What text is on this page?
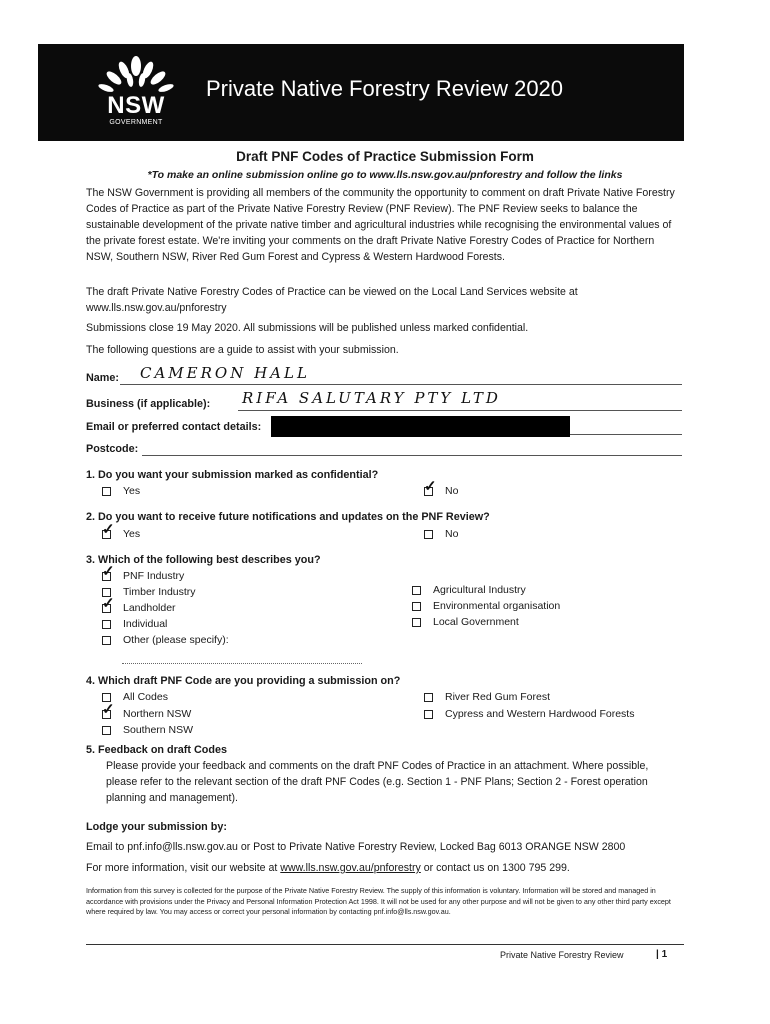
NSW
GOVERNMENT
Private Native Forestry Review 2020
Draft PNF Codes of Practice Submission Form
*To make an online submission online go to www.lls.nsw.gov.au/pnforestry and follow the links
The NSW Government is providing all members of the community the opportunity to comment on draft Private Native Forestry Codes of Practice as part of the Private Native Forestry Review (PNF Review). The PNF Review seeks to balance the sustainable development of the private native timber and agricultural industries while recognising the environmental values of the private forest estate. We're inviting your comments on the draft Private Native Forestry Codes of Practice for Northern NSW, Southern NSW, River Red Gum Forest and Cypress & Western Hardwood Forests.
The draft Private Native Forestry Codes of Practice can be viewed on the Local Land Services website at www.lls.nsw.gov.au/pnforestry
Submissions close 19 May 2020. All submissions will be published unless marked confidential.
The following questions are a guide to assist with your submission.
Name: CAMERON HALL
Business (if applicable): RIFA SALUTARY PTY LTD
Email or preferred contact details:
Postcode:
1. Do you want your submission marked as confidential?
Yes
✓	No
2. Do you want to receive future notifications and updates on the PNF Review?
✓
Yes	No
3. Which of the following best describes you?
✓
PNF Industry
Timber Industry
✓
Landholder
Individual
Other (please specify):
Agricultural Industry
Environmental organisation
Local Government
4. Which draft PNF Code are you providing a submission on?
All Codes
✓
Northern NSW
Southern NSW
River Red Gum Forest
Cypress and Western Hardwood Forests
5. Feedback on draft Codes
Please provide your feedback and comments on the draft PNF Codes of Practice in an attachment. Where possible, please refer to the relevant section of the draft PNF Codes (e.g. Section 1 - PNF Plans; Section 2 - Forest operation planning and management).
Lodge your submission by:
Email to pnf.info@lls.nsw.gov.au or Post to Private Native Forestry Review, Locked Bag 6013 ORANGE NSW 2800
For more information, visit our website at www.lls.nsw.gov.au/pnforestry or contact us on 1300 795 299.
Information from this survey is collected for the purpose of the Private Native Forestry Review. The supply of this information is voluntary. Information will be stored and managed in accordance with provisions under the Privacy and Personal Information Protection Act 1998. It will not be used for any other purpose and will not be given to any other third party except where required by law. You may access or correct your personal information by contacting pnf.info@lls.nsw.gov.au.
Private Native Forestry Review	| 1
